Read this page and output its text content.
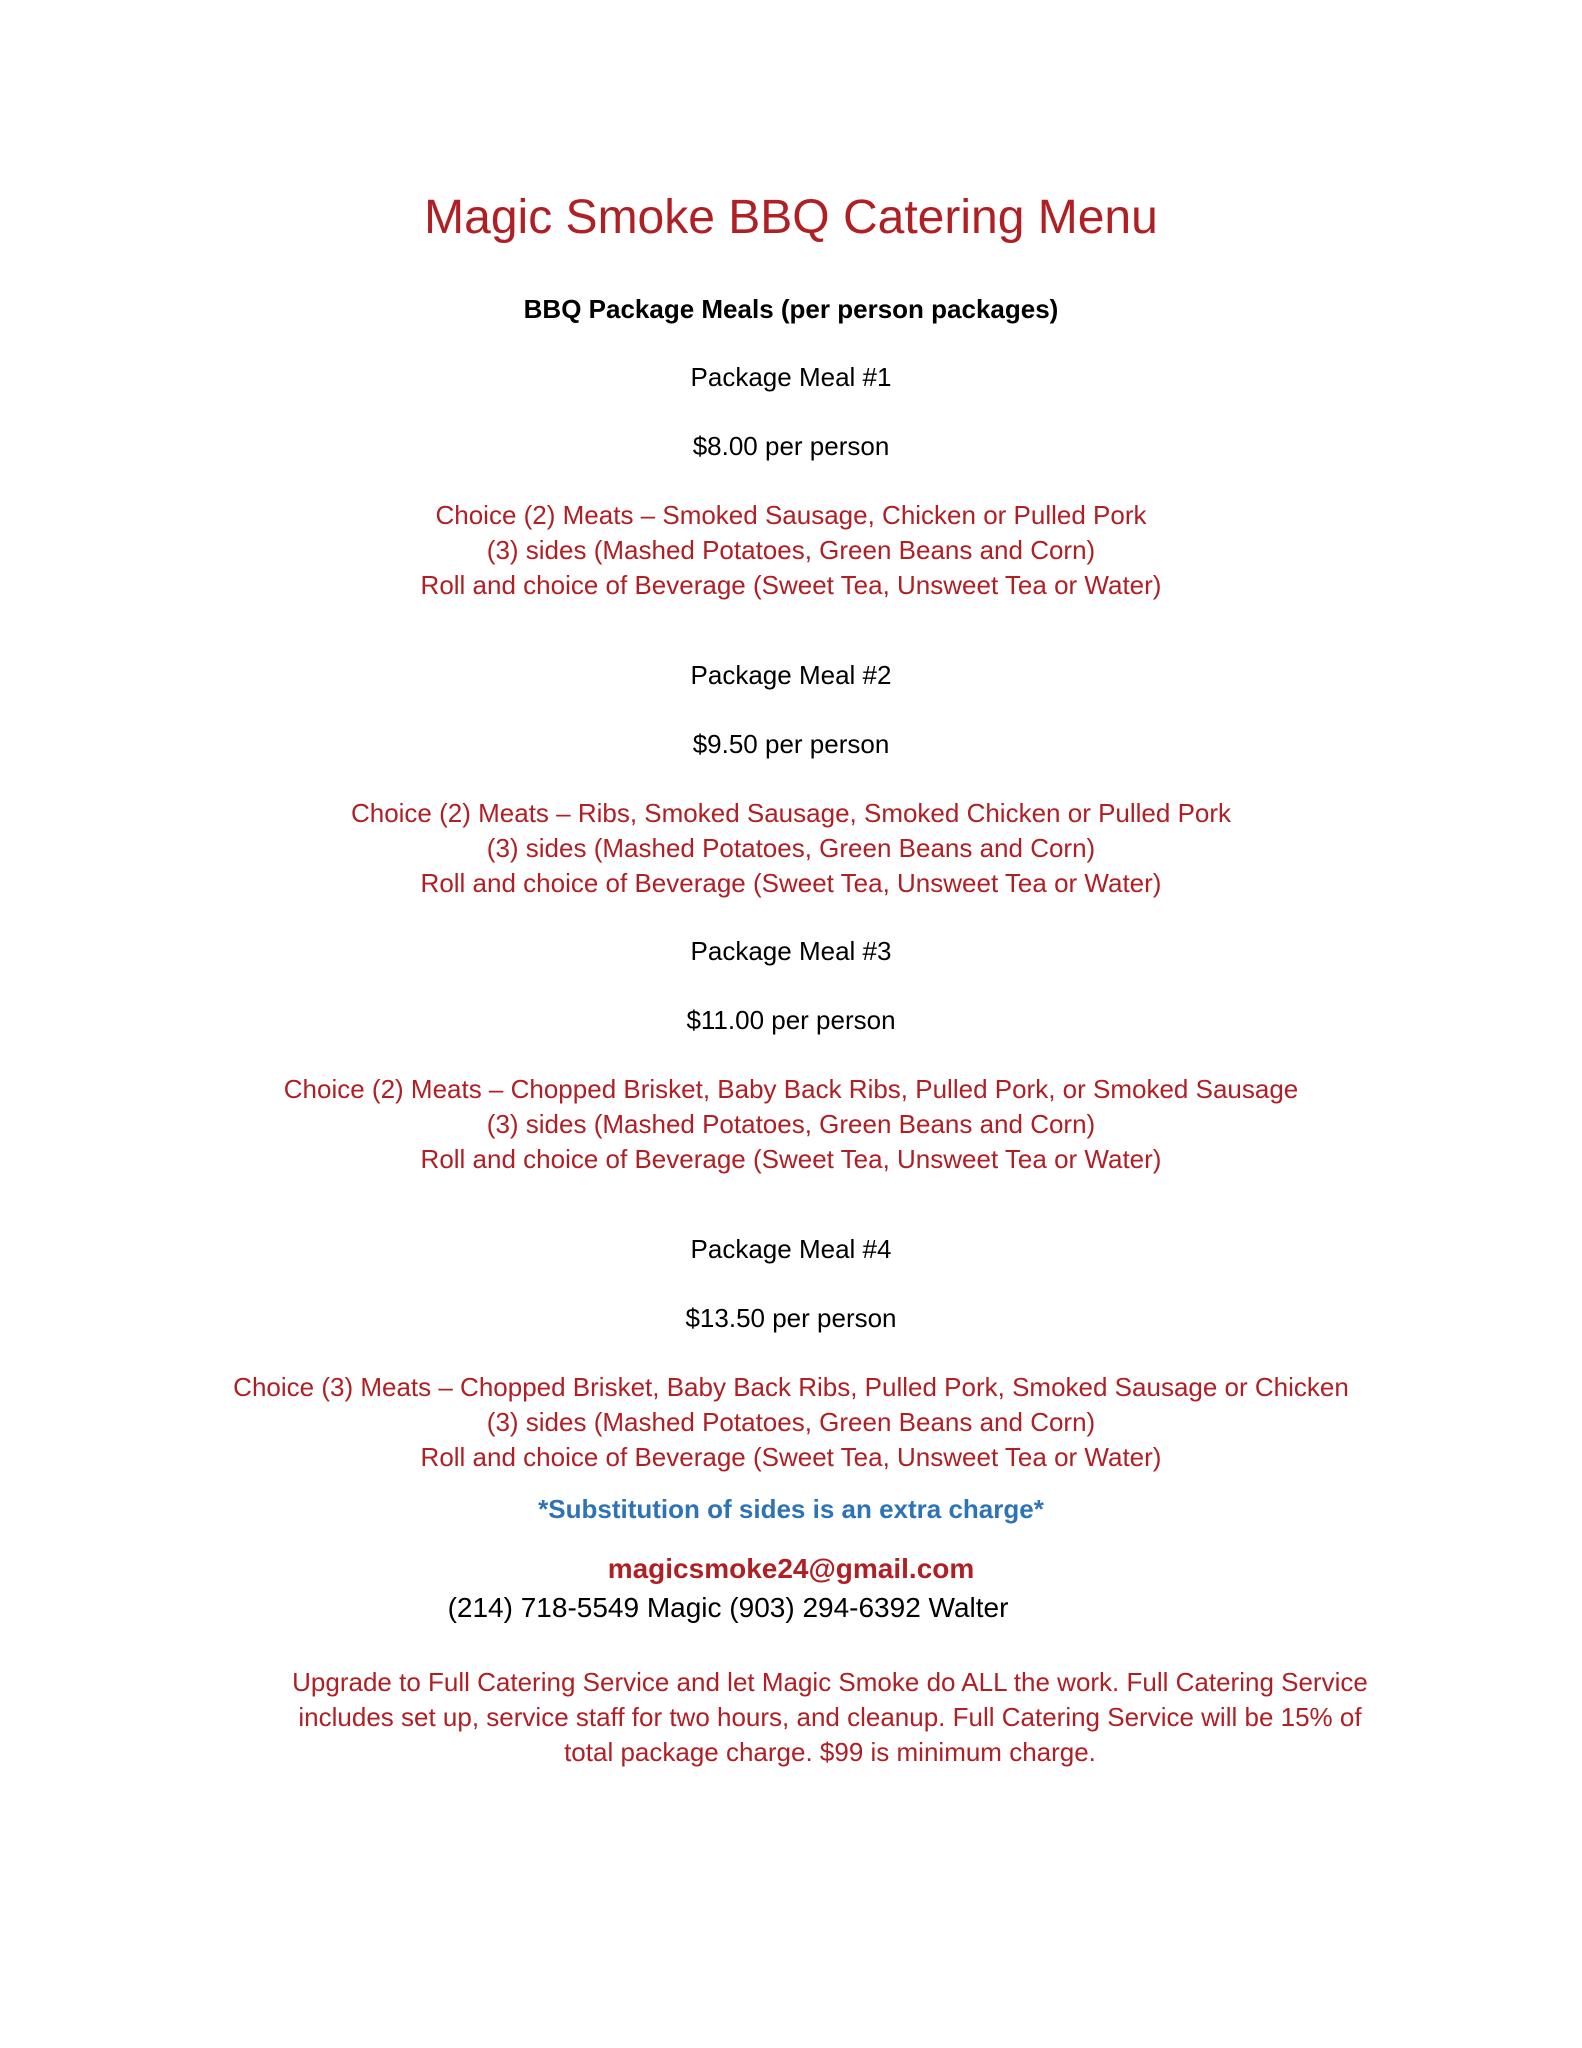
Magic Smoke BBQ Catering Menu
BBQ Package Meals (per person packages)
Package Meal #1
$8.00 per person
Choice (2) Meats – Smoked Sausage, Chicken or Pulled Pork
(3) sides (Mashed Potatoes, Green Beans and Corn)
Roll and choice of Beverage (Sweet Tea, Unsweet Tea or Water)
Package Meal #2
$9.50 per person
Choice (2) Meats – Ribs, Smoked Sausage, Smoked Chicken or Pulled Pork
(3) sides (Mashed Potatoes, Green Beans and Corn)
Roll and choice of Beverage (Sweet Tea, Unsweet Tea or Water)
Package Meal #3
$11.00 per person
Choice (2) Meats – Chopped Brisket, Baby Back Ribs, Pulled Pork, or Smoked Sausage
(3) sides (Mashed Potatoes, Green Beans and Corn)
Roll and choice of Beverage (Sweet Tea, Unsweet Tea or Water)
Package Meal #4
$13.50 per person
Choice (3) Meats – Chopped Brisket, Baby Back Ribs, Pulled Pork, Smoked Sausage or Chicken
(3) sides (Mashed Potatoes, Green Beans and Corn)
Roll and choice of Beverage (Sweet Tea, Unsweet Tea or Water)
*Substitution of sides is an extra charge*
magicsmoke24@gmail.com
(214) 718-5549 Magic (903) 294-6392 Walter

Upgrade to Full Catering Service and let Magic Smoke do ALL the work. Full Catering Service includes set up, service staff for two hours, and cleanup. Full Catering Service will be 15% of total package charge. $99 is minimum charge.
